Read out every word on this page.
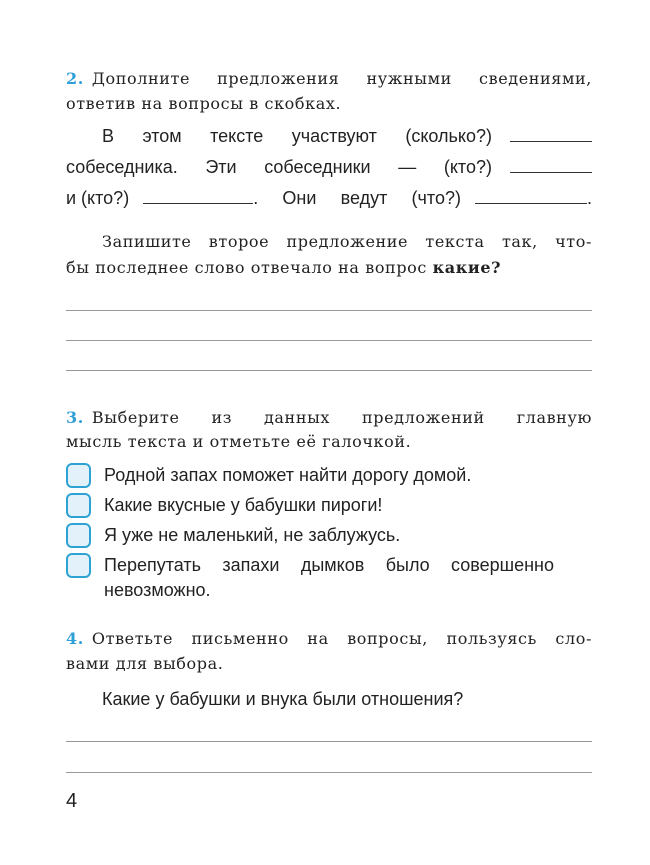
2. Дополните предложения нужными сведениями,
ответив на вопросы в скобках.
В этом тексте участвуют (сколько?)
собеседника. Эти собеседники — (кто?)
и (кто?)	. Они ведут (что?)	.
Запишите второе предложение текста так, что-
бы последнее слово отвечало на вопрос какие?
3. Выберите из данных предложений главную
мысль текста и отметьте её галочкой.
Родной запах поможет найти дорогу домой.
Какие вкусные у бабушки пироги!
Я уже не маленький, не заблужусь.
Перепутать запахи дымков было совершенно
невозможно.
4. Ответьте письменно на вопросы, пользуясь сло-
вами для выбора.
Какие у бабушки и внука были отношения?
4
